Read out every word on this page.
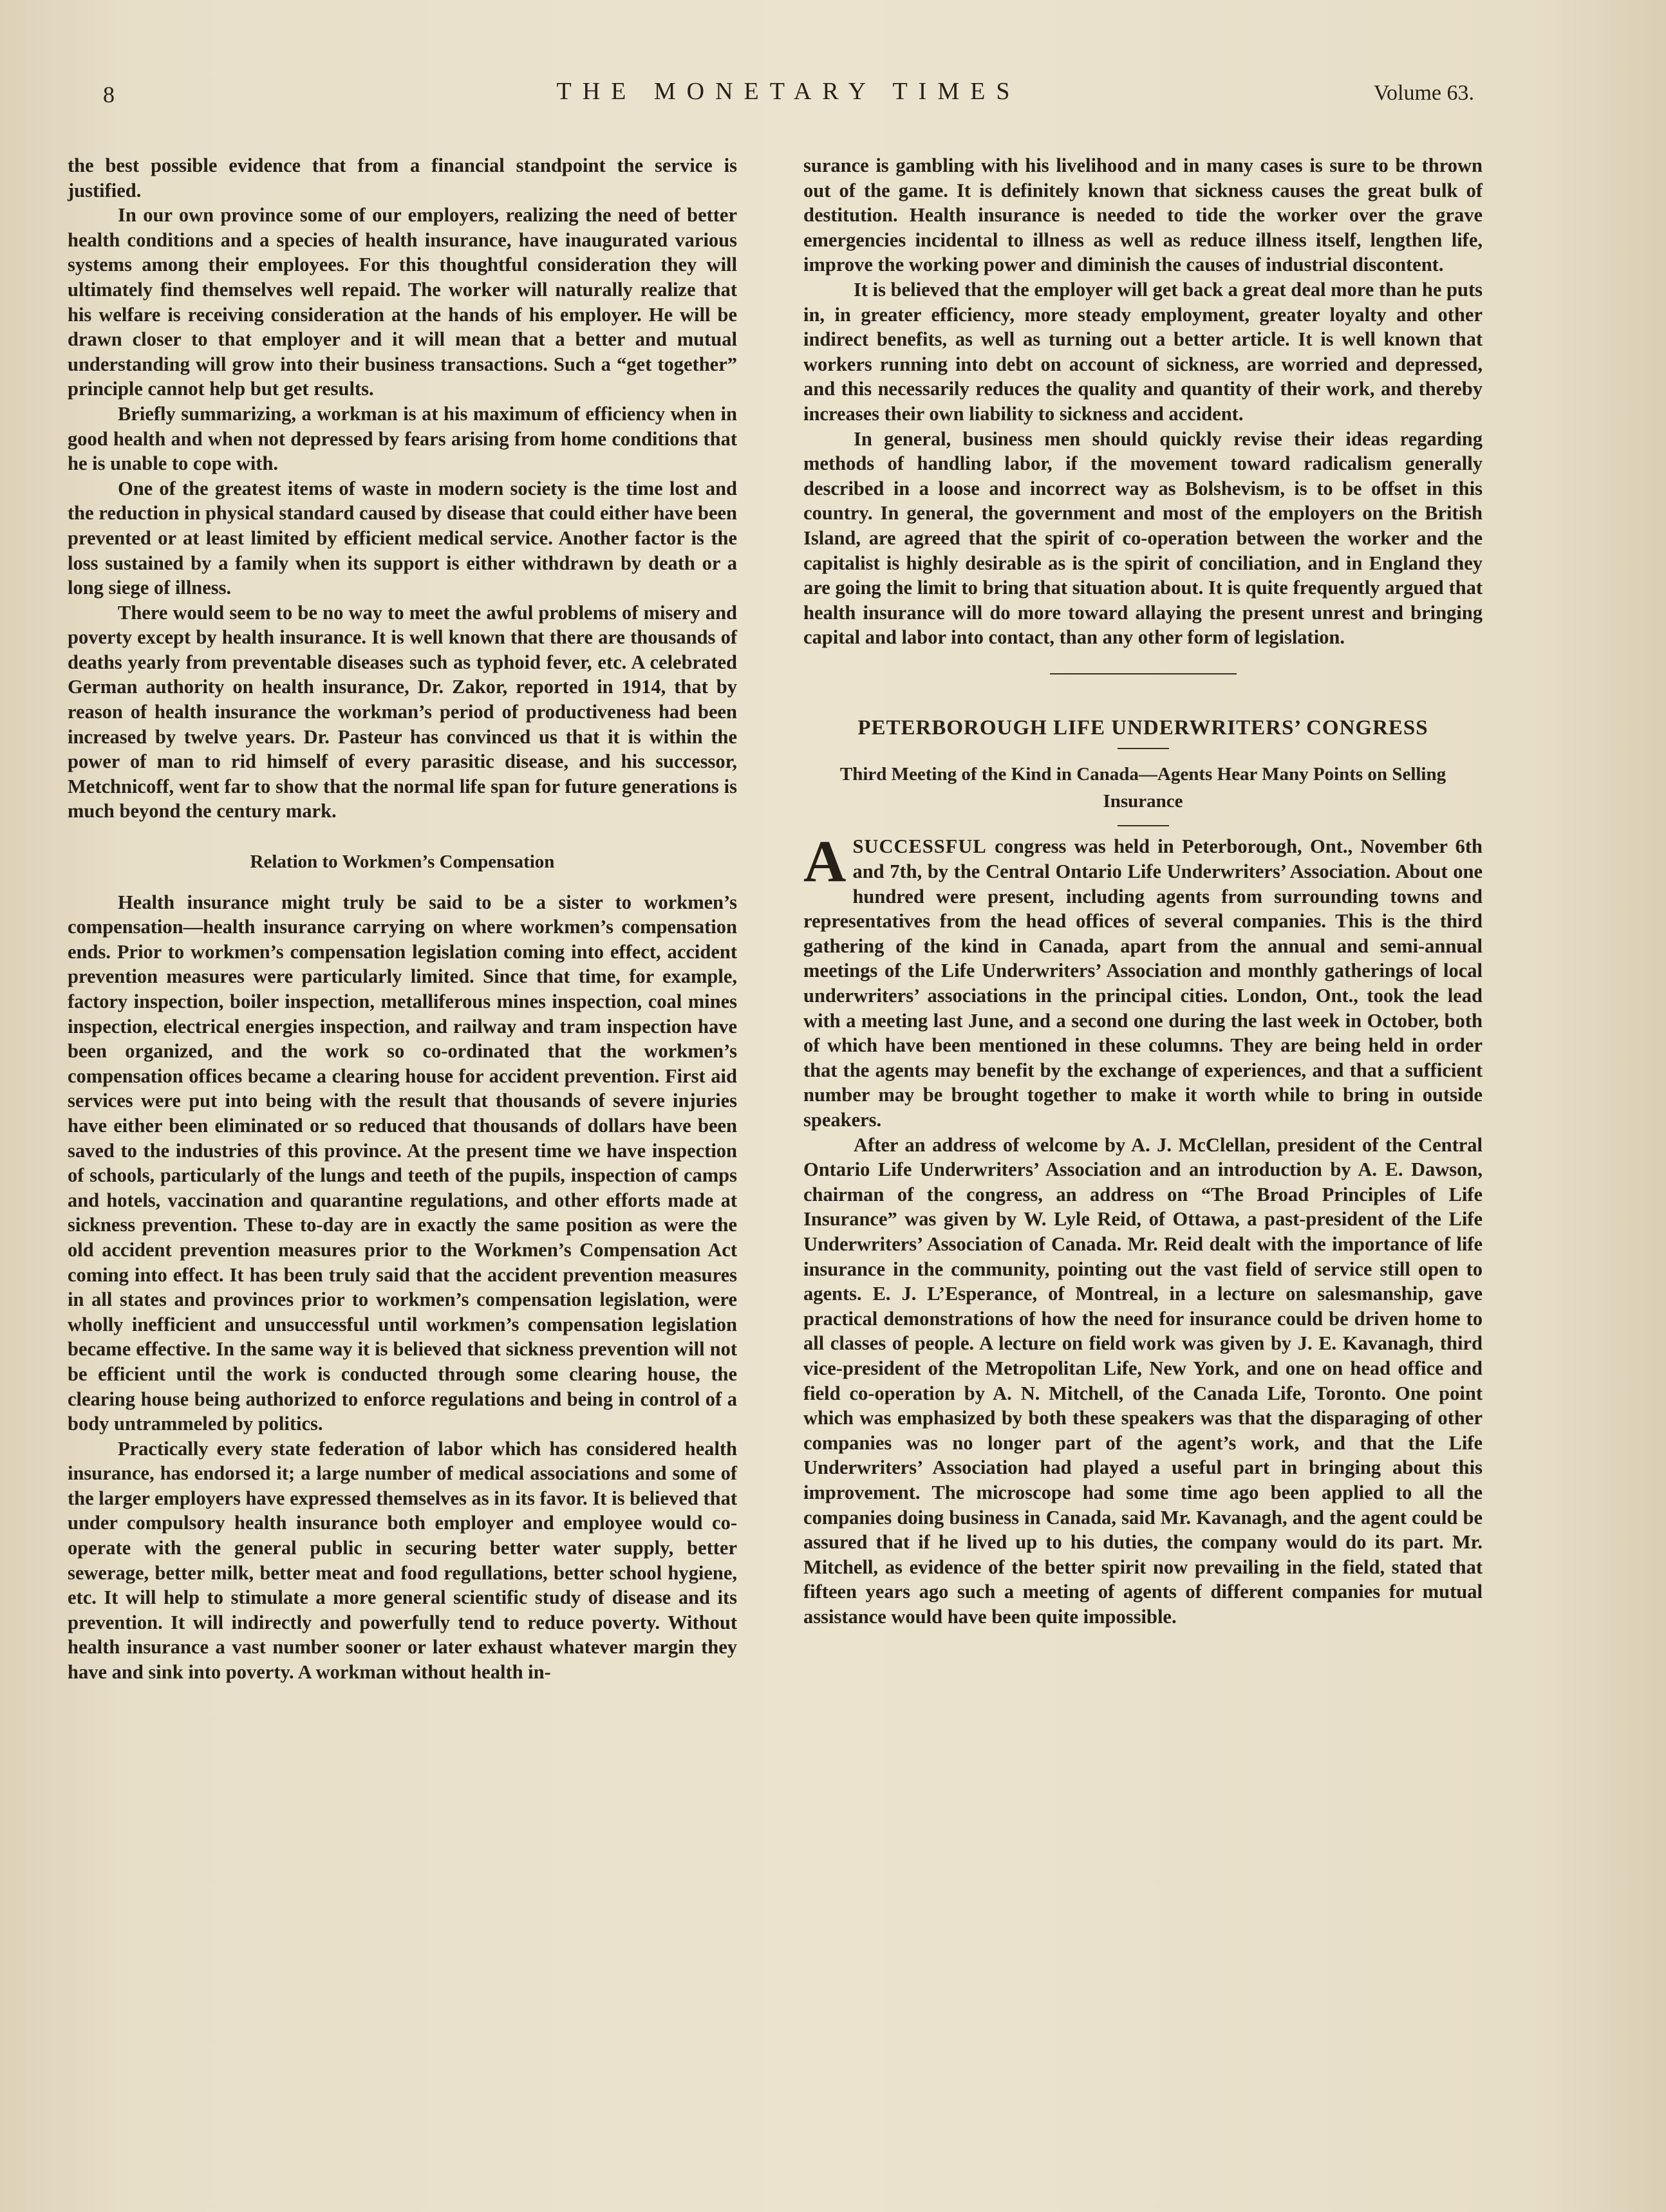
8	THE MONETARY TIMES	Volume 63.

the best possible evidence that from a financial standpoint the service is justified.

In our own province some of our employers, realizing the need of better health conditions and a species of health insurance, have inaugurated various systems among their employees. For this thoughtful consideration they will ultimately find themselves well repaid. The worker will naturally realize that his welfare is receiving consideration at the hands of his employer. He will be drawn closer to that employer and it will mean that a better and mutual understanding will grow into their business transactions. Such a “get together” principle cannot help but get results.

Briefly summarizing, a workman is at his maximum of efficiency when in good health and when not depressed by fears arising from home conditions that he is unable to cope with.

One of the greatest items of waste in modern society is the time lost and the reduction in physical standard caused by disease that could either have been prevented or at least limited by efficient medical service. Another factor is the loss sustained by a family when its support is either withdrawn by death or a long siege of illness.

There would seem to be no way to meet the awful problems of misery and poverty except by health insurance. It is well known that there are thousands of deaths yearly from preventable diseases such as typhoid fever, etc. A celebrated German authority on health insurance, Dr. Zakor, reported in 1914, that by reason of health insurance the workman’s period of productiveness had been increased by twelve years. Dr. Pasteur has convinced us that it is within the power of man to rid himself of every parasitic disease, and his successor, Metchnicoff, went far to show that the normal life span for future generations is much beyond the century mark.

Relation to Workmen’s Compensation

Health insurance might truly be said to be a sister to workmen’s compensation—health insurance carrying on where workmen’s compensation ends. Prior to workmen’s compensation legislation coming into effect, accident prevention measures were particularly limited. Since that time, for example, factory inspection, boiler inspection, metalliferous mines inspection, coal mines inspection, electrical energies inspection, and railway and tram inspection have been organized, and the work so co-ordinated that the workmen’s compensation offices became a clearing house for accident prevention. First aid services were put into being with the result that thousands of severe injuries have either been eliminated or so reduced that thousands of dollars have been saved to the industries of this province. At the present time we have inspection of schools, particularly of the lungs and teeth of the pupils, inspection of camps and hotels, vaccination and quarantine regulations, and other efforts made at sickness prevention. These to-day are in exactly the same position as were the old accident prevention measures prior to the Workmen’s Compensation Act coming into effect. It has been truly said that the accident prevention measures in all states and provinces prior to workmen’s compensation legislation, were wholly inefficient and unsuccessful until workmen’s compensation legislation became effective. In the same way it is believed that sickness prevention will not be efficient until the work is conducted through some clearing house, the clearing house being authorized to enforce regulations and being in control of a body untrammeled by politics.

Practically every state federation of labor which has considered health insurance, has endorsed it; a large number of medical associations and some of the larger employers have expressed themselves as in its favor. It is believed that under compulsory health insurance both employer and employee would co-operate with the general public in securing better water supply, better sewerage, better milk, better meat and food regullations, better school hygiene, etc. It will help to stimulate a more general scientific study of disease and its prevention. It will indirectly and powerfully tend to reduce poverty. Without health insurance a vast number sooner or later exhaust whatever margin they have and sink into poverty. A workman without health in-

surance is gambling with his livelihood and in many cases is sure to be thrown out of the game. It is definitely known that sickness causes the great bulk of destitution. Health insurance is needed to tide the worker over the grave emergencies incidental to illness as well as reduce illness itself, lengthen life, improve the working power and diminish the causes of industrial discontent.

It is believed that the employer will get back a great deal more than he puts in, in greater efficiency, more steady employment, greater loyalty and other indirect benefits, as well as turning out a better article. It is well known that workers running into debt on account of sickness, are worried and depressed, and this necessarily reduces the quality and quantity of their work, and thereby increases their own liability to sickness and accident.

In general, business men should quickly revise their ideas regarding methods of handling labor, if the movement toward radicalism generally described in a loose and incorrect way as Bolshevism, is to be offset in this country. In general, the government and most of the employers on the British Island, are agreed that the spirit of co-operation between the worker and the capitalist is highly desirable as is the spirit of conciliation, and in England they are going the limit to bring that situation about. It is quite frequently argued that health insurance will do more toward allaying the present unrest and bringing capital and labor into contact, than any other form of legislation.

PETERBOROUGH LIFE UNDERWRITERS’ CONGRESS
Third Meeting of the Kind in Canada—Agents Hear Many Points on Selling Insurance

ASUCCESSFUL congress was held in Peterborough, Ont., November 6th and 7th, by the Central Ontario Life Underwriters’ Association. About one hundred were present, including agents from surrounding towns and representatives from the head offices of several companies. This is the third gathering of the kind in Canada, apart from the annual and semi-annual meetings of the Life Underwriters’ Association and monthly gatherings of local underwriters’ associations in the principal cities. London, Ont., took the lead with a meeting last June, and a second one during the last week in October, both of which have been mentioned in these columns. They are being held in order that the agents may benefit by the exchange of experiences, and that a sufficient number may be brought together to make it worth while to bring in outside speakers.

After an address of welcome by A. J. McClellan, president of the Central Ontario Life Underwriters’ Association and an introduction by A. E. Dawson, chairman of the congress, an address on “The Broad Principles of Life Insurance” was given by W. Lyle Reid, of Ottawa, a past-president of the Life Underwriters’ Association of Canada. Mr. Reid dealt with the importance of life insurance in the community, pointing out the vast field of service still open to agents. E. J. L’Esperance, of Montreal, in a lecture on salesmanship, gave practical demonstrations of how the need for insurance could be driven home to all classes of people. A lecture on field work was given by J. E. Kavanagh, third vice-president of the Metropolitan Life, New York, and one on head office and field co-operation by A. N. Mitchell, of the Canada Life, Toronto. One point which was emphasized by both these speakers was that the disparaging of other companies was no longer part of the agent’s work, and that the Life Underwriters’ Association had played a useful part in bringing about this improvement. The microscope had some time ago been applied to all the companies doing business in Canada, said Mr. Kavanagh, and the agent could be assured that if he lived up to his duties, the company would do its part. Mr. Mitchell, as evidence of the better spirit now prevailing in the field, stated that fifteen years ago such a meeting of agents of different companies for mutual assistance would have been quite impossible.
